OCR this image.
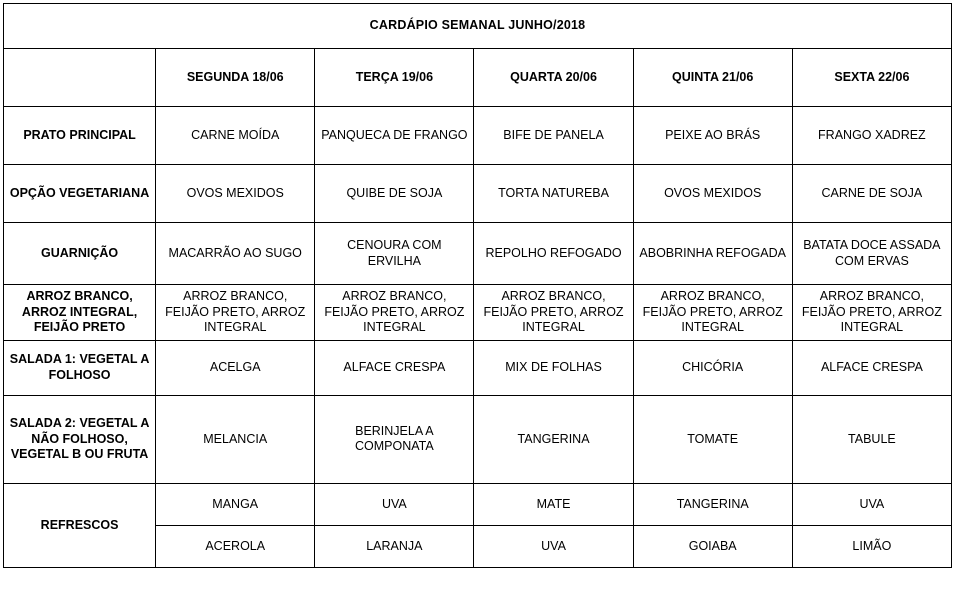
CARDÁPIO SEMANAL JUNHO/2018					
	SEGUNDA 18/06	TERÇA 19/06	QUARTA 20/06	QUINTA 21/06	SEXTA 22/06
PRATO PRINCIPAL	CARNE MOÍDA	PANQUECA DE FRANGO	BIFE DE PANELA	PEIXE AO BRÁS	FRANGO XADREZ
OPÇÃO VEGETARIANA	OVOS MEXIDOS	QUIBE DE SOJA	TORTA NATUREBA	OVOS MEXIDOS	CARNE DE SOJA
GUARNIÇÃO	MACARRÃO AO SUGO	CENOURA COM ERVILHA	REPOLHO REFOGADO	ABOBRINHA REFOGADA	BATATA DOCE ASSADA COM ERVAS
ARROZ BRANCO, ARROZ INTEGRAL, FEIJÃO PRETO	ARROZ BRANCO, FEIJÃO PRETO, ARROZ INTEGRAL	ARROZ BRANCO, FEIJÃO PRETO, ARROZ INTEGRAL	ARROZ BRANCO, FEIJÃO PRETO, ARROZ INTEGRAL	ARROZ BRANCO, FEIJÃO PRETO, ARROZ INTEGRAL	ARROZ BRANCO, FEIJÃO PRETO, ARROZ INTEGRAL
SALADA 1: VEGETAL A FOLHOSO	ACELGA	ALFACE CRESPA	MIX DE FOLHAS	CHICÓRIA	ALFACE CRESPA
SALADA 2: VEGETAL A NÃO FOLHOSO, VEGETAL B OU FRUTA	MELANCIA	BERINJELA A COMPONATA	TANGERINA	TOMATE	TABULE
REFRESCOS	MANGA	UVA	MATE	TANGERINA	UVA
	ACEROLA	LARANJA	UVA	GOIABA	LIMÃO
